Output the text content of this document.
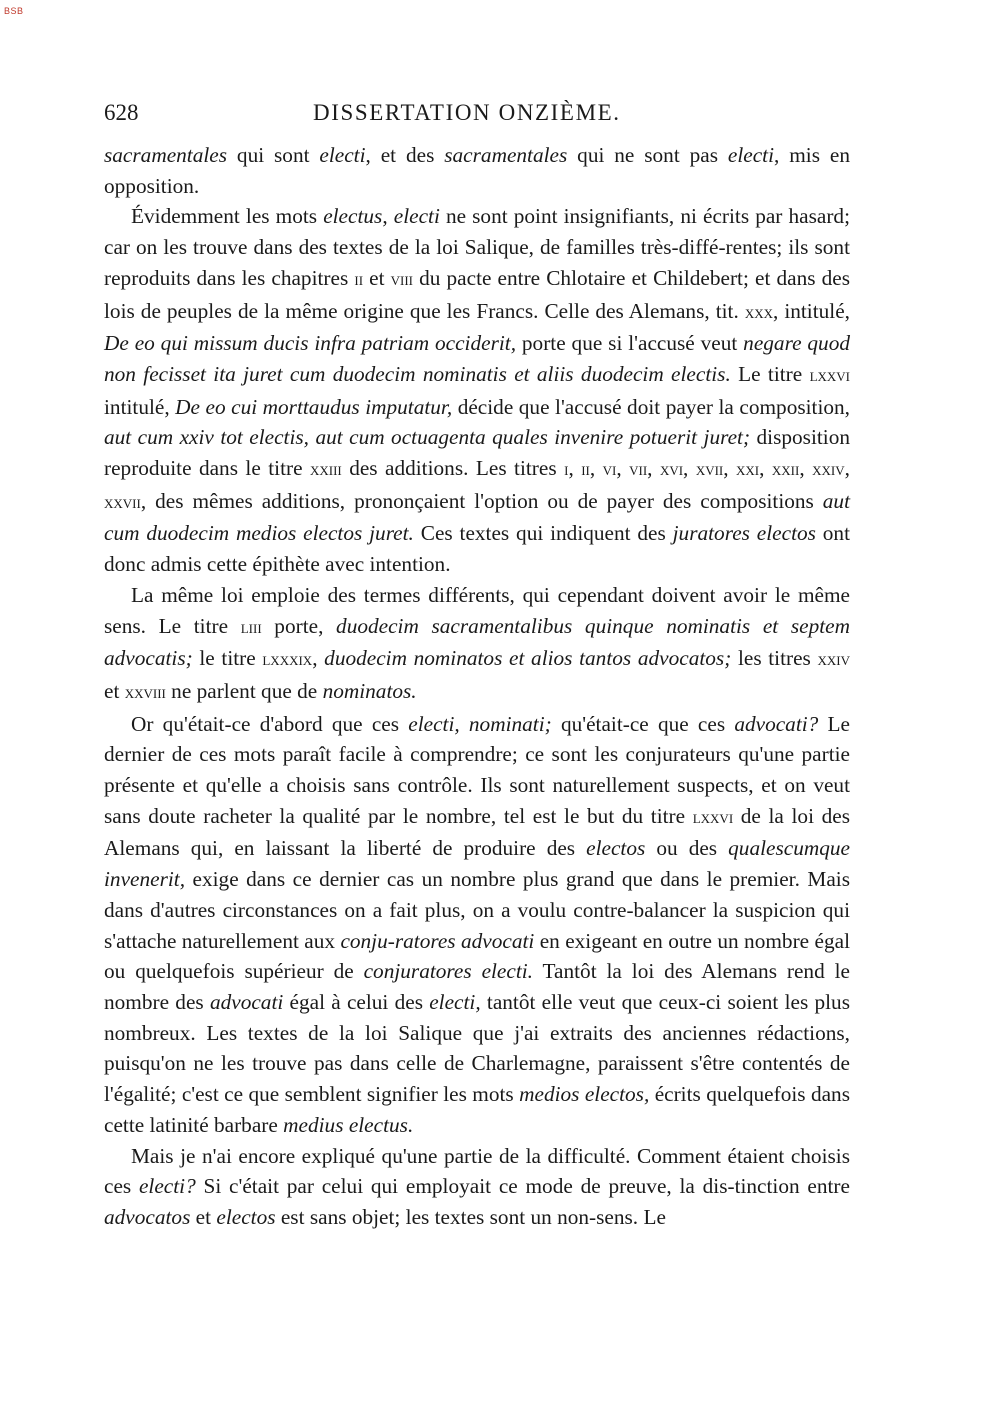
BSB
628	DISSERTATION ONZIÈME.

sacramentales qui sont electi, et des sacramentales qui ne sont pas electi, mis en opposition.

Évidemment les mots electus, electi ne sont point insignifiants, ni écrits par hasard; car on les trouve dans des textes de la loi Salique, de familles très-diffé-rentes; ils sont reproduits dans les chapitres ii et viii du pacte entre Chlotaire et Childebert; et dans des lois de peuples de la même origine que les Francs. Celle des Alemans, tit. xxx, intitulé, De eo qui missum ducis infra patriam occiderit, porte que si l'accusé veut negare quod non fecisset ita juret cum duodecim nominatis et aliis duodecim electis. Le titre lxxvi intitulé, De eo cui morttaudus imputatur, décide que l'accusé doit payer la composition, aut cum xxiv tot electis, aut cum octuagenta quales invenire potuerit juret; disposition reproduite dans le titre xxiii des additions. Les titres i, ii, vi, vii, xvi, xvii, xxi, xxii, xxiv, xxvii, des mêmes additions, prononçaient l'option ou de payer des compositions aut cum duodecim medios electos juret. Ces textes qui indiquent des juratores electos ont donc admis cette épithète avec intention.

La même loi emploie des termes différents, qui cependant doivent avoir le même sens. Le titre liii porte, duodecim sacramentalibus quinque nominatis et septem advocatis; le titre lxxxix, duodecim nominatos et alios tantos advocatos; les titres xxiv et xxviii ne parlent que de nominatos.

Or qu'était-ce d'abord que ces electi, nominati; qu'était-ce que ces advocati? Le dernier de ces mots paraît facile à comprendre; ce sont les conjurateurs qu'une partie présente et qu'elle a choisis sans contrôle. Ils sont naturellement suspects, et on veut sans doute racheter la qualité par le nombre, tel est le but du titre lxxvi de la loi des Alemans qui, en laissant la liberté de produire des electos ou des qualescumque invenerit, exige dans ce dernier cas un nombre plus grand que dans le premier. Mais dans d'autres circonstances on a fait plus, on a voulu contre-balancer la suspicion qui s'attache naturellement aux conju-ratores advocati en exigeant en outre un nombre égal ou quelquefois supérieur de conjuratores electi. Tantôt la loi des Alemans rend le nombre des advocati égal à celui des electi, tantôt elle veut que ceux-ci soient les plus nombreux. Les textes de la loi Salique que j'ai extraits des anciennes rédactions, puisqu'on ne les trouve pas dans celle de Charlemagne, paraissent s'être contentés de l'égalité; c'est ce que semblent signifier les mots medios electos, écrits quelquefois dans cette latinité barbare medius electus.

Mais je n'ai encore expliqué qu'une partie de la difficulté. Comment étaient choisis ces electi? Si c'était par celui qui employait ce mode de preuve, la dis-tinction entre advocatos et electos est sans objet; les textes sont un non-sens. Le
